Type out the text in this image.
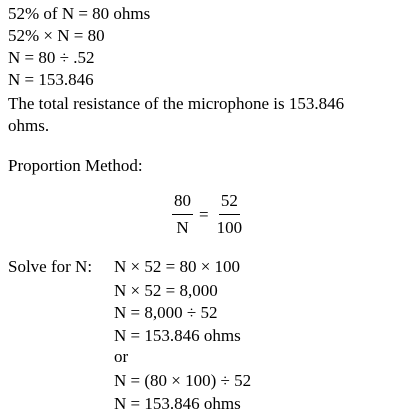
52% of N = 80 ohms
52% × N = 80
N = 80 ÷ .52
N = 153.846
The total resistance of the microphone is 153.846
ohms.
Proportion Method:
$\frac{80}{N} = \frac{52}{100}$
Solve for N: N × 52 = 80 × 100
N × 52 = 8,000
N = 8,000 ÷ 52
N = 153.846 ohms
or
N = (80 × 100) ÷ 52
N = 153.846 ohms
